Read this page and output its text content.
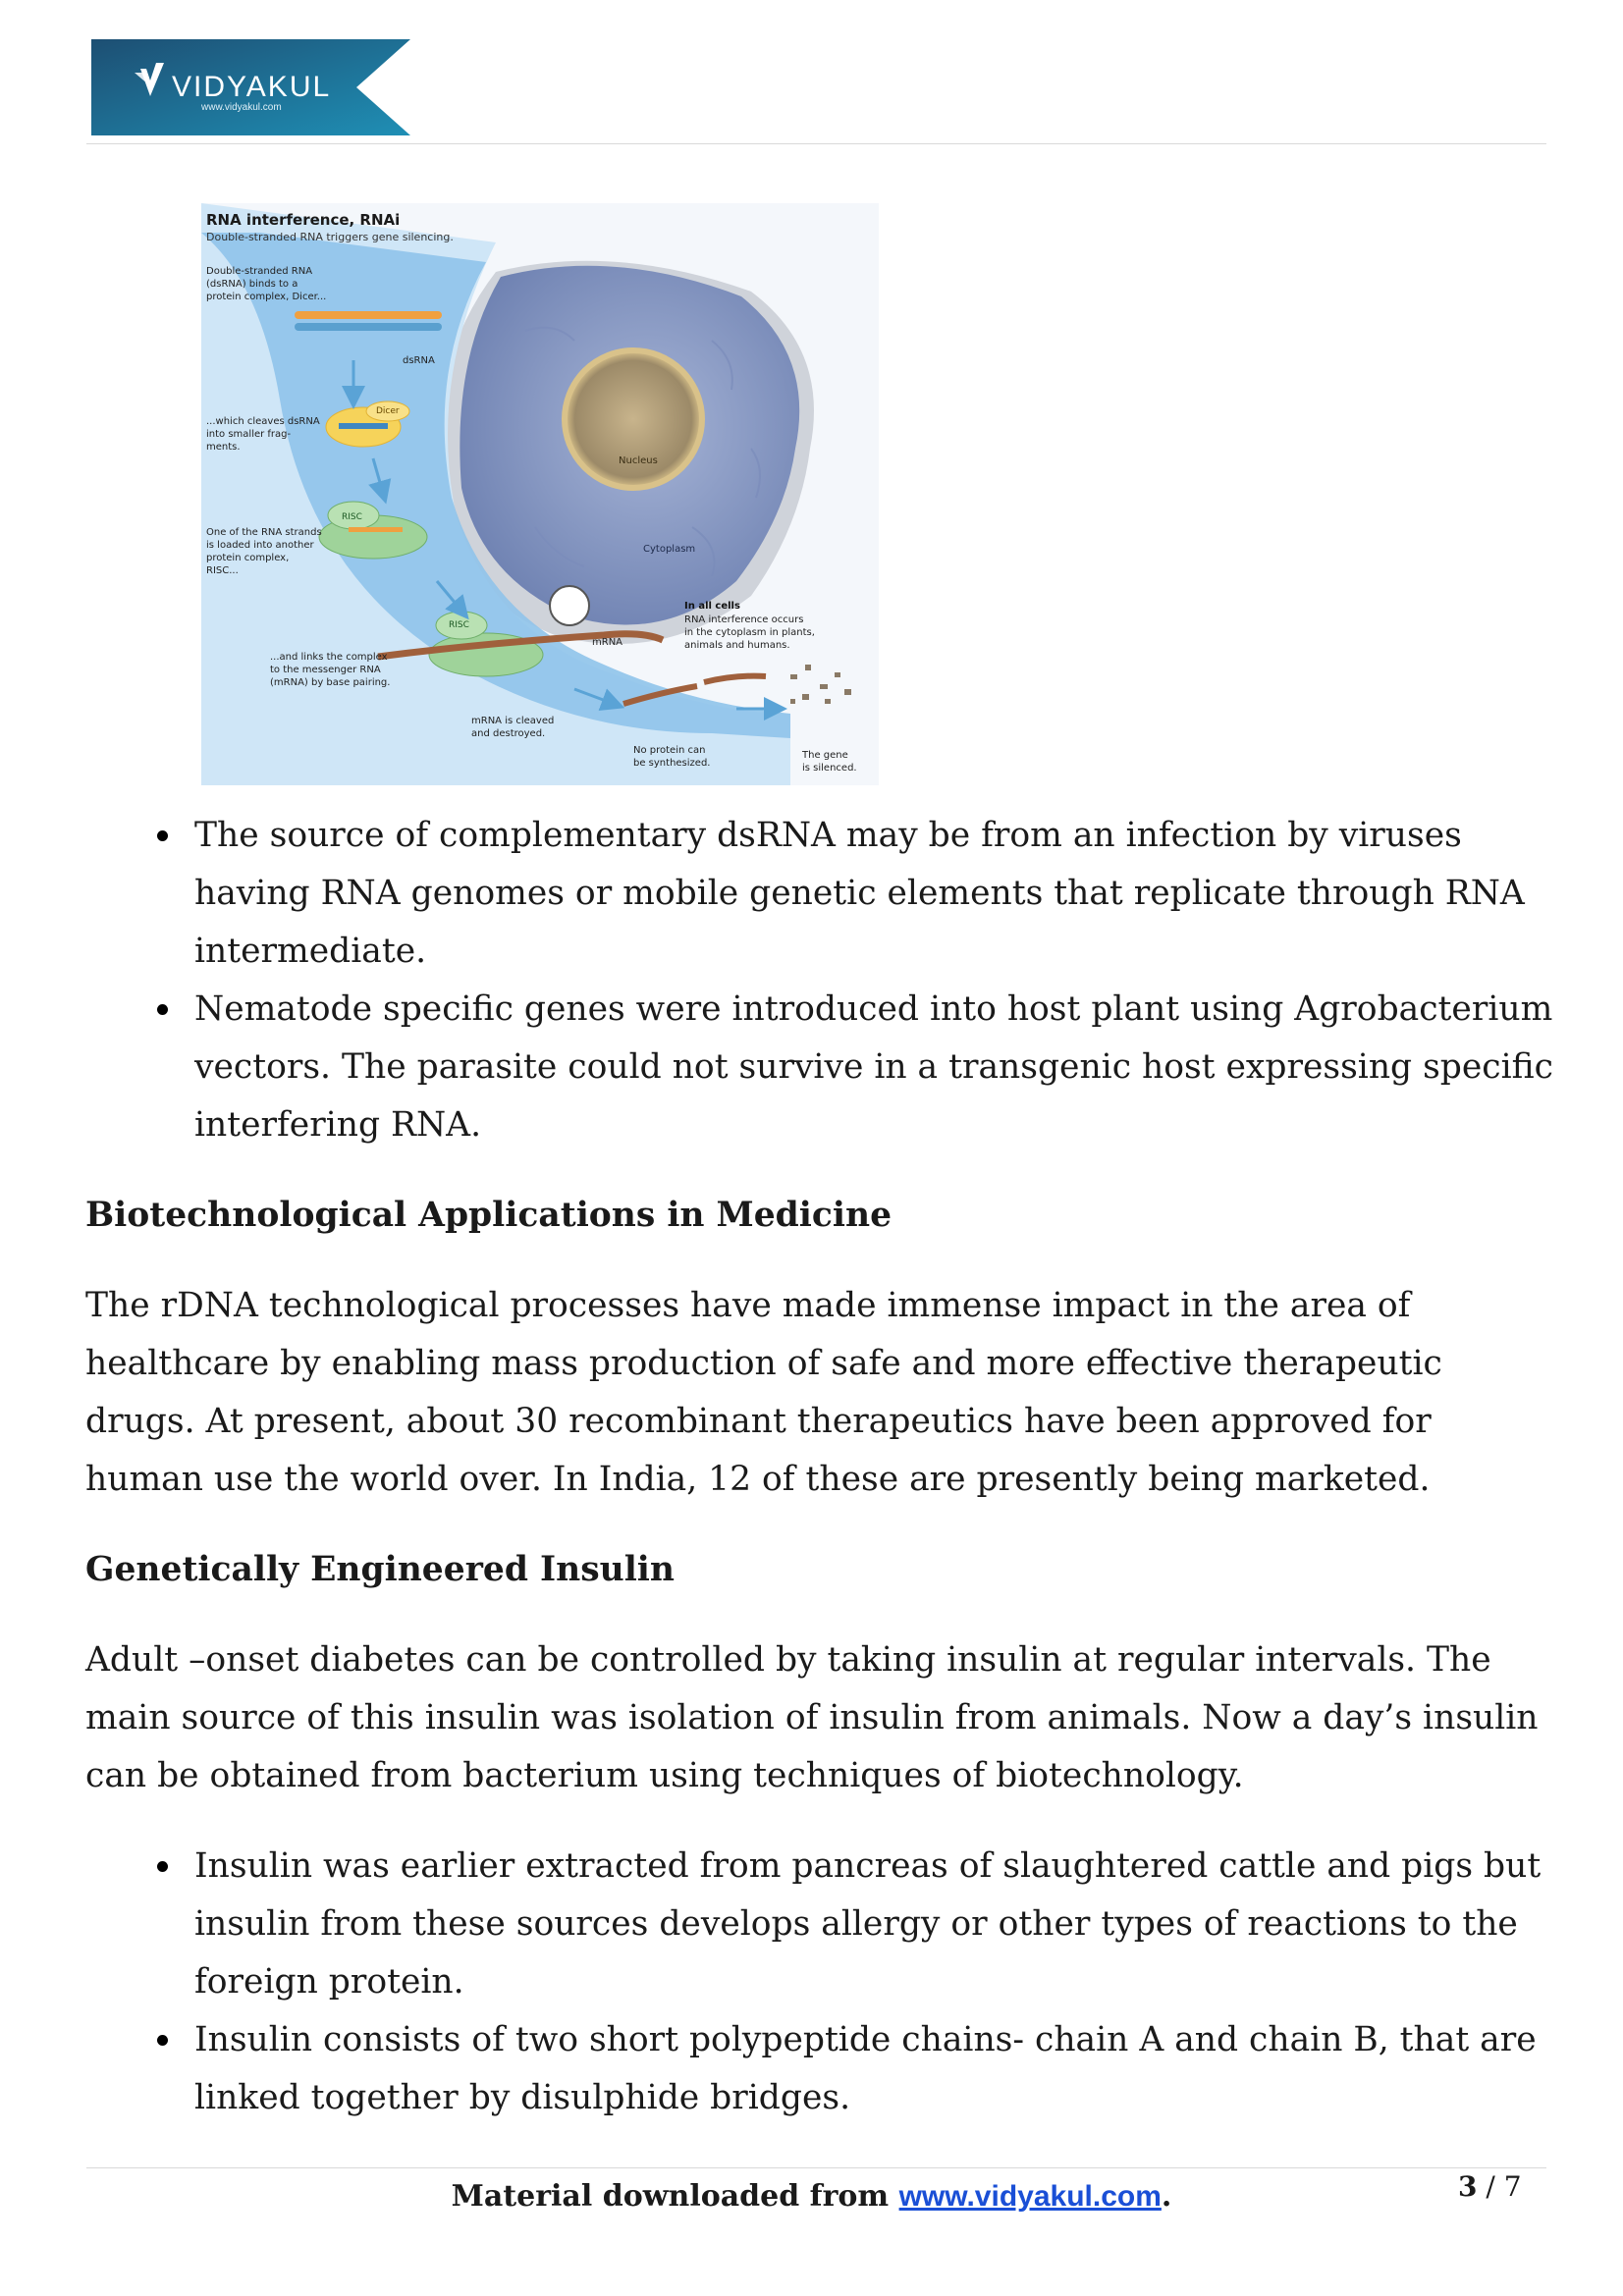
VIDYAKUL
www.vidyakul.com
RNA interference, RNAi
Double-stranded RNA triggers gene silencing.
Double-stranded RNA (dsRNA) binds to a protein complex, Dicer...
dsRNA
...which cleaves dsRNA into smaller frag- ments.
Dicer
One of the RNA strands is loaded into another protein complex, RISC...
RISC
RISC
...and links the complex to the messenger RNA (mRNA) by base pairing.
mRNA
mRNA is cleaved and destroyed.
No protein can be synthesized.
The gene is silenced.
Nucleus
Cytoplasm
In all cells
RNA interference occurs in the cytoplasm in plants, animals and humans.
The source of complementary dsRNA may be from an infection by viruses having RNA genomes or mobile genetic elements that replicate through RNA intermediate.
Nematode specific genes were introduced into host plant using Agrobacterium vectors. The parasite could not survive in a transgenic host expressing specific interfering RNA.
Biotechnological Applications in Medicine

The rDNA technological processes have made immense impact in the area of healthcare by enabling mass production of safe and more effective therapeutic drugs. At present, about 30 recombinant therapeutics have been approved for human use the world over. In India, 12 of these are presently being marketed.

Genetically Engineered Insulin

Adult –onset diabetes can be controlled by taking insulin at regular intervals. The main source of this insulin was isolation of insulin from animals. Now a day’s insulin can be obtained from bacterium using techniques of biotechnology.

Insulin was earlier extracted from pancreas of slaughtered cattle and pigs but insulin from these sources develops allergy or other types of reactions to the foreign protein.
Insulin consists of two short polypeptide chains- chain A and chain B, that are linked together by disulphide bridges.
Material downloaded from www.vidyakul.com.	3 / 7
